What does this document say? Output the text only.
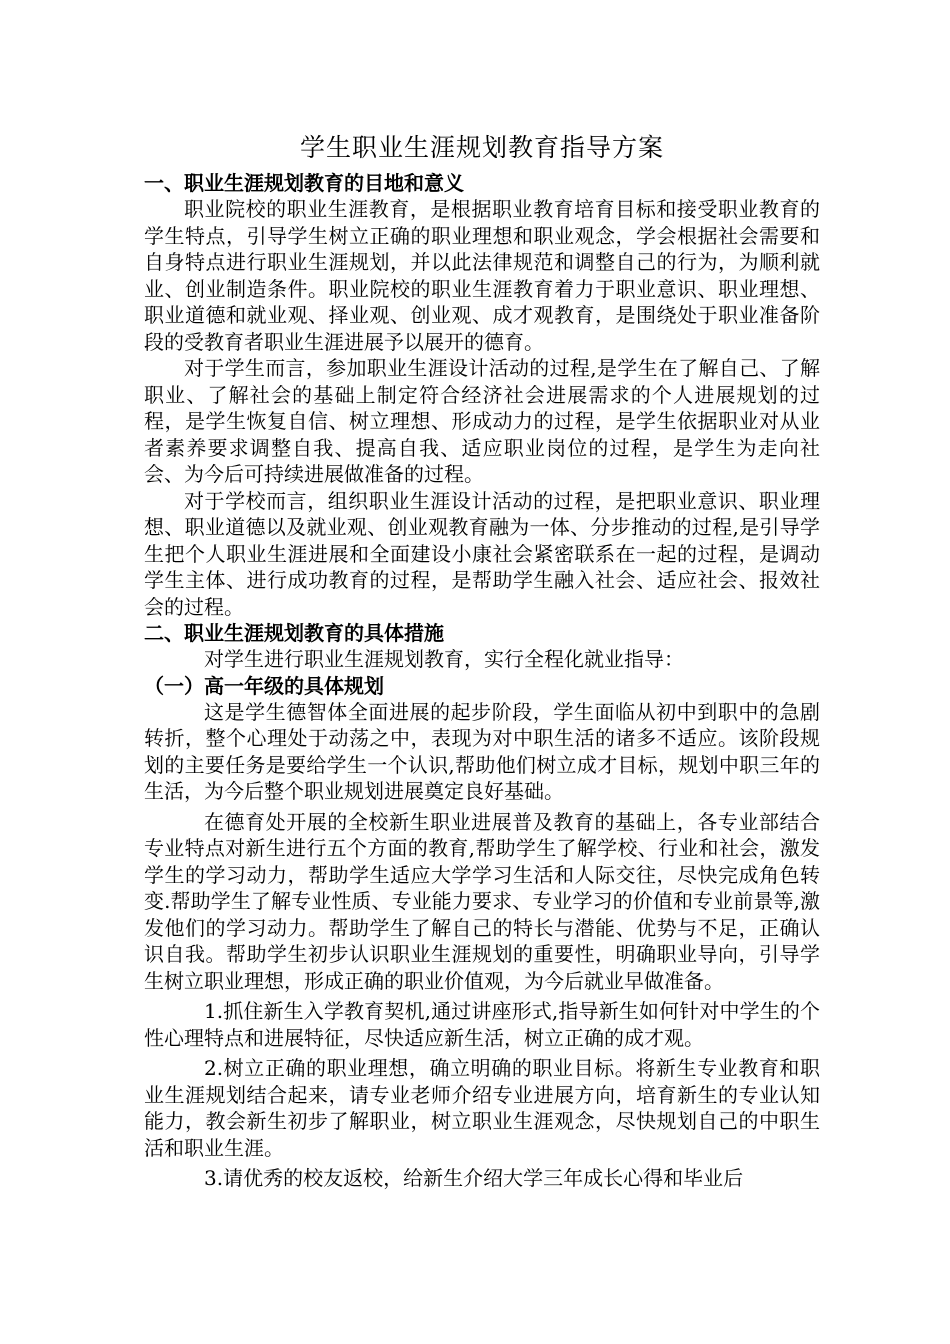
学生职业生涯规划教育指导方案
一、职业生涯规划教育的目地和意义

职业院校的职业生涯教育，是根据职业教育培育目标和接受职业教育的学生特点，引导学生树立正确的职业理想和职业观念，学会根据社会需要和自身特点进行职业生涯规划，并以此法律规范和调整自己的行为，为顺利就业、创业制造条件。职业院校的职业生涯教育着力于职业意识、职业理想、职业道德和就业观、择业观、创业观、成才观教育，是围绕处于职业准备阶段的受教育者职业生涯进展予以展开的德育。

对于学生而言，参加职业生涯设计活动的过程,是学生在了解自己、了解职业、了解社会的基础上制定符合经济社会进展需求的个人进展规划的过程，是学生恢复自信、树立理想、形成动力的过程，是学生依据职业对从业者素养要求调整自我、提高自我、适应职业岗位的过程，是学生为走向社会、为今后可持续进展做准备的过程。

对于学校而言，组织职业生涯设计活动的过程，是把职业意识、职业理想、职业道德以及就业观、创业观教育融为一体、分步推动的过程,是引导学生把个人职业生涯进展和全面建设小康社会紧密联系在一起的过程，是调动学生主体、进行成功教育的过程，是帮助学生融入社会、适应社会、报效社会的过程。

二、职业生涯规划教育的具体措施

对学生进行职业生涯规划教育，实行全程化就业指导：

（一）高一年级的具体规划

这是学生德智体全面进展的起步阶段，学生面临从初中到职中的急剧转折，整个心理处于动荡之中，表现为对中职生活的诸多不适应。该阶段规划的主要任务是要给学生一个认识,帮助他们树立成才目标，规划中职三年的生活，为今后整个职业规划进展奠定良好基础。

在德育处开展的全校新生职业进展普及教育的基础上，各专业部结合专业特点对新生进行五个方面的教育,帮助学生了解学校、行业和社会，激发学生的学习动力，帮助学生适应大学学习生活和人际交往，尽快完成角色转变.帮助学生了解专业性质、专业能力要求、专业学习的价值和专业前景等,激发他们的学习动力。帮助学生了解自己的特长与潜能、优势与不足，正确认识自我。帮助学生初步认识职业生涯规划的重要性，明确职业导向，引导学生树立职业理想，形成正确的职业价值观，为今后就业早做准备。

1.抓住新生入学教育契机,通过讲座形式,指导新生如何针对中学生的个性心理特点和进展特征，尽快适应新生活，树立正确的成才观。

2.树立正确的职业理想，确立明确的职业目标。将新生专业教育和职业生涯规划结合起来，请专业老师介绍专业进展方向，培育新生的专业认知能力，教会新生初步了解职业，树立职业生涯观念，尽快规划自己的中职生活和职业生涯。

3.请优秀的校友返校，给新生介绍大学三年成长心得和毕业后
